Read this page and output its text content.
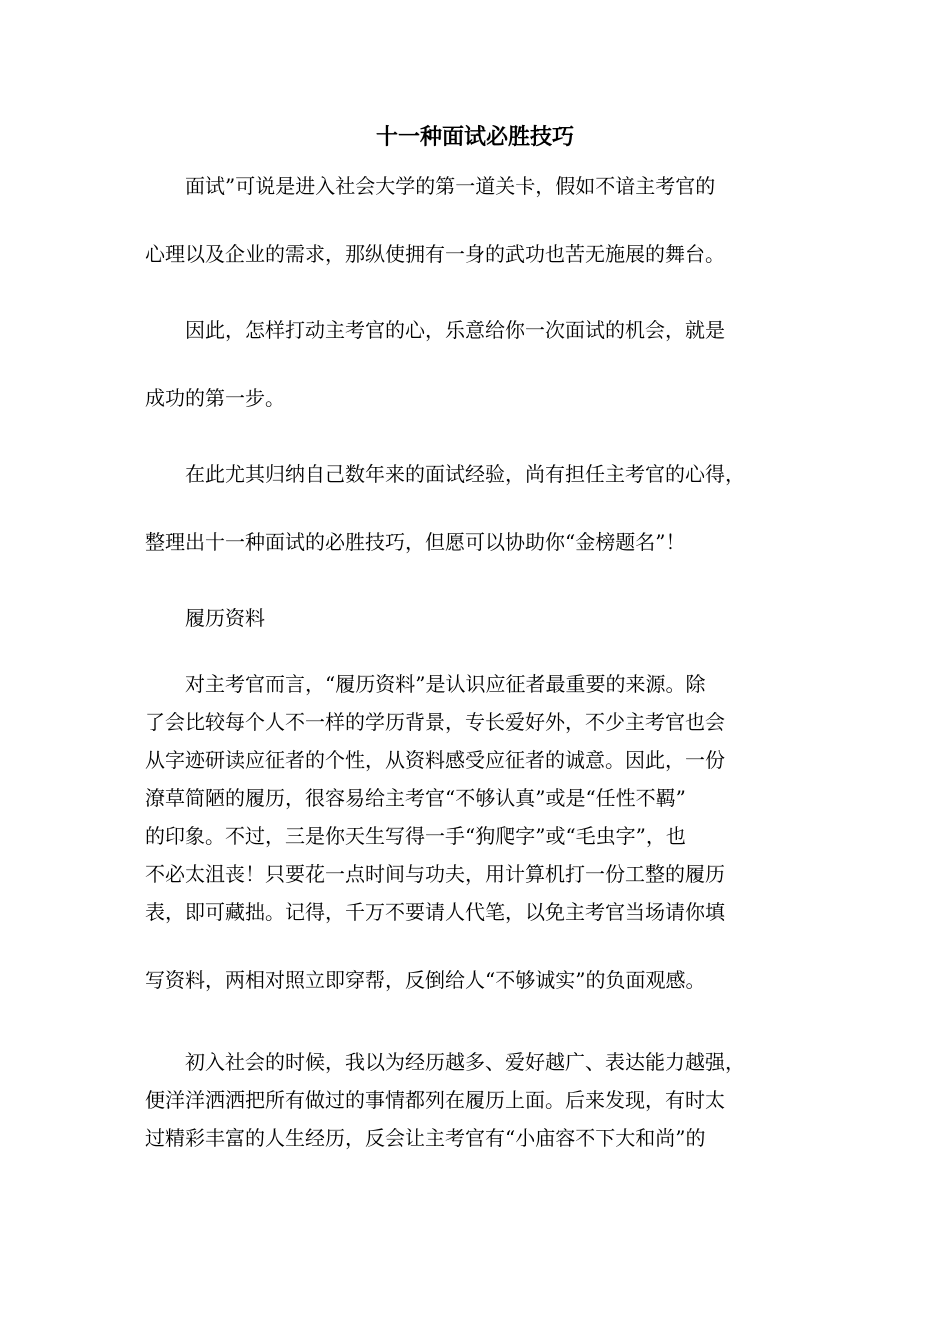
十一种面试必胜技巧
面试”可说是进入社会大学的第一道关卡，假如不谙主考官的
心理以及企业的需求，那纵使拥有一身的武功也苦无施展的舞台。
因此，怎样打动主考官的心，乐意给你一次面试的机会，就是
成功的第一步。
在此尤其归纳自己数年来的面试经验，尚有担任主考官的心得，
整理出十一种面试的必胜技巧，但愿可以协助你“金榜题名”！
履历资料
对主考官而言，“履历资料”是认识应征者最重要的来源。除
了会比较每个人不一样的学历背景，专长爱好外，不少主考官也会
从字迹研读应征者的个性，从资料感受应征者的诚意。因此，一份
潦草简陋的履历，很容易给主考官“不够认真”或是“任性不羁”
的印象。不过，三是你天生写得一手“狗爬字”或“毛虫字”，也
不必太沮丧！只要花一点时间与功夫，用计算机打一份工整的履历
表，即可藏拙。记得，千万不要请人代笔，以免主考官当场请你填
写资料，两相对照立即穿帮，反倒给人“不够诚实”的负面观感。
初入社会的时候，我以为经历越多、爱好越广、表达能力越强，
便洋洋洒洒把所有做过的事情都列在履历上面。后来发现，有时太
过精彩丰富的人生经历，反会让主考官有“小庙容不下大和尚”的
